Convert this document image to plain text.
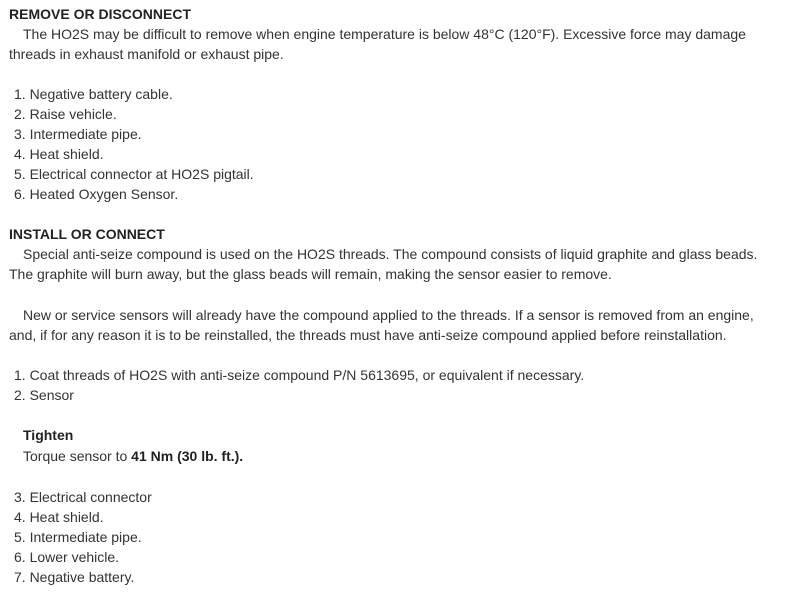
REMOVE OR DISCONNECT
The HO2S may be difficult to remove when engine temperature is below 48°C (120°F). Excessive force may damage
threads in exhaust manifold or exhaust pipe.
1. Negative battery cable.
2. Raise vehicle.
3. Intermediate pipe.
4. Heat shield.
5. Electrical connector at HO2S pigtail.
6. Heated Oxygen Sensor.
INSTALL OR CONNECT
Special anti-seize compound is used on the HO2S threads. The compound consists of liquid graphite and glass beads.
The graphite will burn away, but the glass beads will remain, making the sensor easier to remove.
New or service sensors will already have the compound applied to the threads. If a sensor is removed from an engine,
and, if for any reason it is to be reinstalled, the threads must have anti-seize compound applied before reinstallation.
1. Coat threads of HO2S with anti-seize compound P/N 5613695, or equivalent if necessary.
2. Sensor
Tighten
Torque sensor to 41 Nm (30 lb. ft.).
3. Electrical connector
4. Heat shield.
5. Intermediate pipe.
6. Lower vehicle.
7. Negative battery.
